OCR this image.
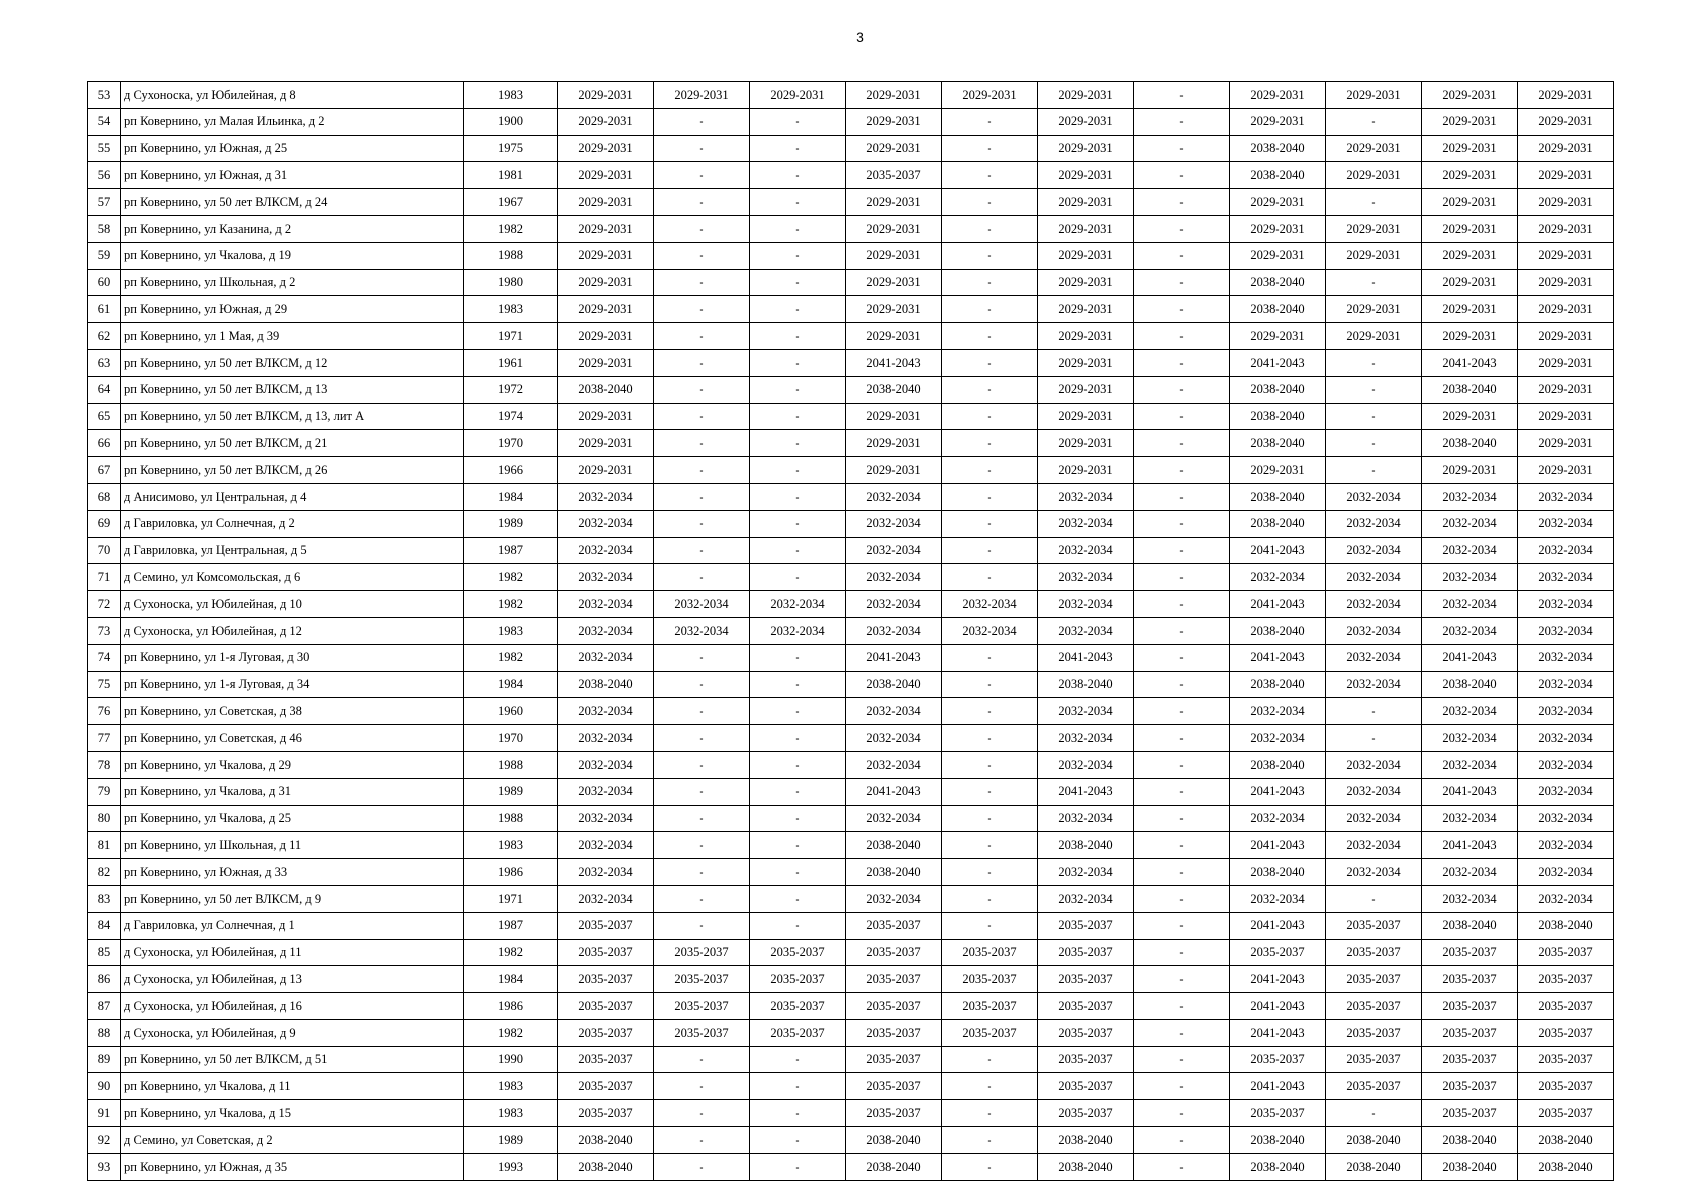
3
53	д Сухоноска, ул Юбилейная, д 8	1983	2029-2031	2029-2031	2029-2031	2029-2031	2029-2031	2029-2031	-	2029-2031	2029-2031	2029-2031	2029-2031
54	рп Ковернино, ул Малая Ильинка, д 2	1900	2029-2031	-	-	2029-2031	-	2029-2031	-	2029-2031	-	2029-2031	2029-2031
55	рп Ковернино, ул Южная, д 25	1975	2029-2031	-	-	2029-2031	-	2029-2031	-	2038-2040	2029-2031	2029-2031	2029-2031
56	рп Ковернино, ул Южная, д 31	1981	2029-2031	-	-	2035-2037	-	2029-2031	-	2038-2040	2029-2031	2029-2031	2029-2031
57	рп Ковернино, ул 50 лет ВЛКСМ, д 24	1967	2029-2031	-	-	2029-2031	-	2029-2031	-	2029-2031	-	2029-2031	2029-2031
58	рп Ковернино, ул Казанина, д 2	1982	2029-2031	-	-	2029-2031	-	2029-2031	-	2029-2031	2029-2031	2029-2031	2029-2031
59	рп Ковернино, ул Чкалова, д 19	1988	2029-2031	-	-	2029-2031	-	2029-2031	-	2029-2031	2029-2031	2029-2031	2029-2031
60	рп Ковернино, ул Школьная, д 2	1980	2029-2031	-	-	2029-2031	-	2029-2031	-	2038-2040	-	2029-2031	2029-2031
61	рп Ковернино, ул Южная, д 29	1983	2029-2031	-	-	2029-2031	-	2029-2031	-	2038-2040	2029-2031	2029-2031	2029-2031
62	рп Ковернино, ул 1 Мая, д 39	1971	2029-2031	-	-	2029-2031	-	2029-2031	-	2029-2031	2029-2031	2029-2031	2029-2031
63	рп Ковернино, ул 50 лет ВЛКСМ, д 12	1961	2029-2031	-	-	2041-2043	-	2029-2031	-	2041-2043	-	2041-2043	2029-2031
64	рп Ковернино, ул 50 лет ВЛКСМ, д 13	1972	2038-2040	-	-	2038-2040	-	2029-2031	-	2038-2040	-	2038-2040	2029-2031
65	рп Ковернино, ул 50 лет ВЛКСМ, д 13, лит А	1974	2029-2031	-	-	2029-2031	-	2029-2031	-	2038-2040	-	2029-2031	2029-2031
66	рп Ковернино, ул 50 лет ВЛКСМ, д 21	1970	2029-2031	-	-	2029-2031	-	2029-2031	-	2038-2040	-	2038-2040	2029-2031
67	рп Ковернино, ул 50 лет ВЛКСМ, д 26	1966	2029-2031	-	-	2029-2031	-	2029-2031	-	2029-2031	-	2029-2031	2029-2031
68	д Анисимово, ул Центральная, д 4	1984	2032-2034	-	-	2032-2034	-	2032-2034	-	2038-2040	2032-2034	2032-2034	2032-2034
69	д Гавриловка, ул Солнечная, д 2	1989	2032-2034	-	-	2032-2034	-	2032-2034	-	2038-2040	2032-2034	2032-2034	2032-2034
70	д Гавриловка, ул Центральная, д 5	1987	2032-2034	-	-	2032-2034	-	2032-2034	-	2041-2043	2032-2034	2032-2034	2032-2034
71	д Семино, ул Комсомольская, д 6	1982	2032-2034	-	-	2032-2034	-	2032-2034	-	2032-2034	2032-2034	2032-2034	2032-2034
72	д Сухоноска, ул Юбилейная, д 10	1982	2032-2034	2032-2034	2032-2034	2032-2034	2032-2034	2032-2034	-	2041-2043	2032-2034	2032-2034	2032-2034
73	д Сухоноска, ул Юбилейная, д 12	1983	2032-2034	2032-2034	2032-2034	2032-2034	2032-2034	2032-2034	-	2038-2040	2032-2034	2032-2034	2032-2034
74	рп Ковернино, ул 1-я Луговая, д 30	1982	2032-2034	-	-	2041-2043	-	2041-2043	-	2041-2043	2032-2034	2041-2043	2032-2034
75	рп Ковернино, ул 1-я Луговая, д 34	1984	2038-2040	-	-	2038-2040	-	2038-2040	-	2038-2040	2032-2034	2038-2040	2032-2034
76	рп Ковернино, ул Советская, д 38	1960	2032-2034	-	-	2032-2034	-	2032-2034	-	2032-2034	-	2032-2034	2032-2034
77	рп Ковернино, ул Советская, д 46	1970	2032-2034	-	-	2032-2034	-	2032-2034	-	2032-2034	-	2032-2034	2032-2034
78	рп Ковернино, ул Чкалова, д 29	1988	2032-2034	-	-	2032-2034	-	2032-2034	-	2038-2040	2032-2034	2032-2034	2032-2034
79	рп Ковернино, ул Чкалова, д 31	1989	2032-2034	-	-	2041-2043	-	2041-2043	-	2041-2043	2032-2034	2041-2043	2032-2034
80	рп Ковернино, ул Чкалова, д 25	1988	2032-2034	-	-	2032-2034	-	2032-2034	-	2032-2034	2032-2034	2032-2034	2032-2034
81	рп Ковернино, ул Школьная, д 11	1983	2032-2034	-	-	2038-2040	-	2038-2040	-	2041-2043	2032-2034	2041-2043	2032-2034
82	рп Ковернино, ул Южная, д 33	1986	2032-2034	-	-	2038-2040	-	2032-2034	-	2038-2040	2032-2034	2032-2034	2032-2034
83	рп Ковернино, ул 50 лет ВЛКСМ, д 9	1971	2032-2034	-	-	2032-2034	-	2032-2034	-	2032-2034	-	2032-2034	2032-2034
84	д Гавриловка, ул Солнечная, д 1	1987	2035-2037	-	-	2035-2037	-	2035-2037	-	2041-2043	2035-2037	2038-2040	2038-2040
85	д Сухоноска, ул Юбилейная, д 11	1982	2035-2037	2035-2037	2035-2037	2035-2037	2035-2037	2035-2037	-	2035-2037	2035-2037	2035-2037	2035-2037
86	д Сухоноска, ул Юбилейная, д 13	1984	2035-2037	2035-2037	2035-2037	2035-2037	2035-2037	2035-2037	-	2041-2043	2035-2037	2035-2037	2035-2037
87	д Сухоноска, ул Юбилейная, д 16	1986	2035-2037	2035-2037	2035-2037	2035-2037	2035-2037	2035-2037	-	2041-2043	2035-2037	2035-2037	2035-2037
88	д Сухоноска, ул Юбилейная, д 9	1982	2035-2037	2035-2037	2035-2037	2035-2037	2035-2037	2035-2037	-	2041-2043	2035-2037	2035-2037	2035-2037
89	рп Ковернино, ул 50 лет ВЛКСМ, д 51	1990	2035-2037	-	-	2035-2037	-	2035-2037	-	2035-2037	2035-2037	2035-2037	2035-2037
90	рп Ковернино, ул Чкалова, д 11	1983	2035-2037	-	-	2035-2037	-	2035-2037	-	2041-2043	2035-2037	2035-2037	2035-2037
91	рп Ковернино, ул Чкалова, д 15	1983	2035-2037	-	-	2035-2037	-	2035-2037	-	2035-2037	-	2035-2037	2035-2037
92	д Семино, ул Советская, д 2	1989	2038-2040	-	-	2038-2040	-	2038-2040	-	2038-2040	2038-2040	2038-2040	2038-2040
93	рп Ковернино, ул Южная, д 35	1993	2038-2040	-	-	2038-2040	-	2038-2040	-	2038-2040	2038-2040	2038-2040	2038-2040
